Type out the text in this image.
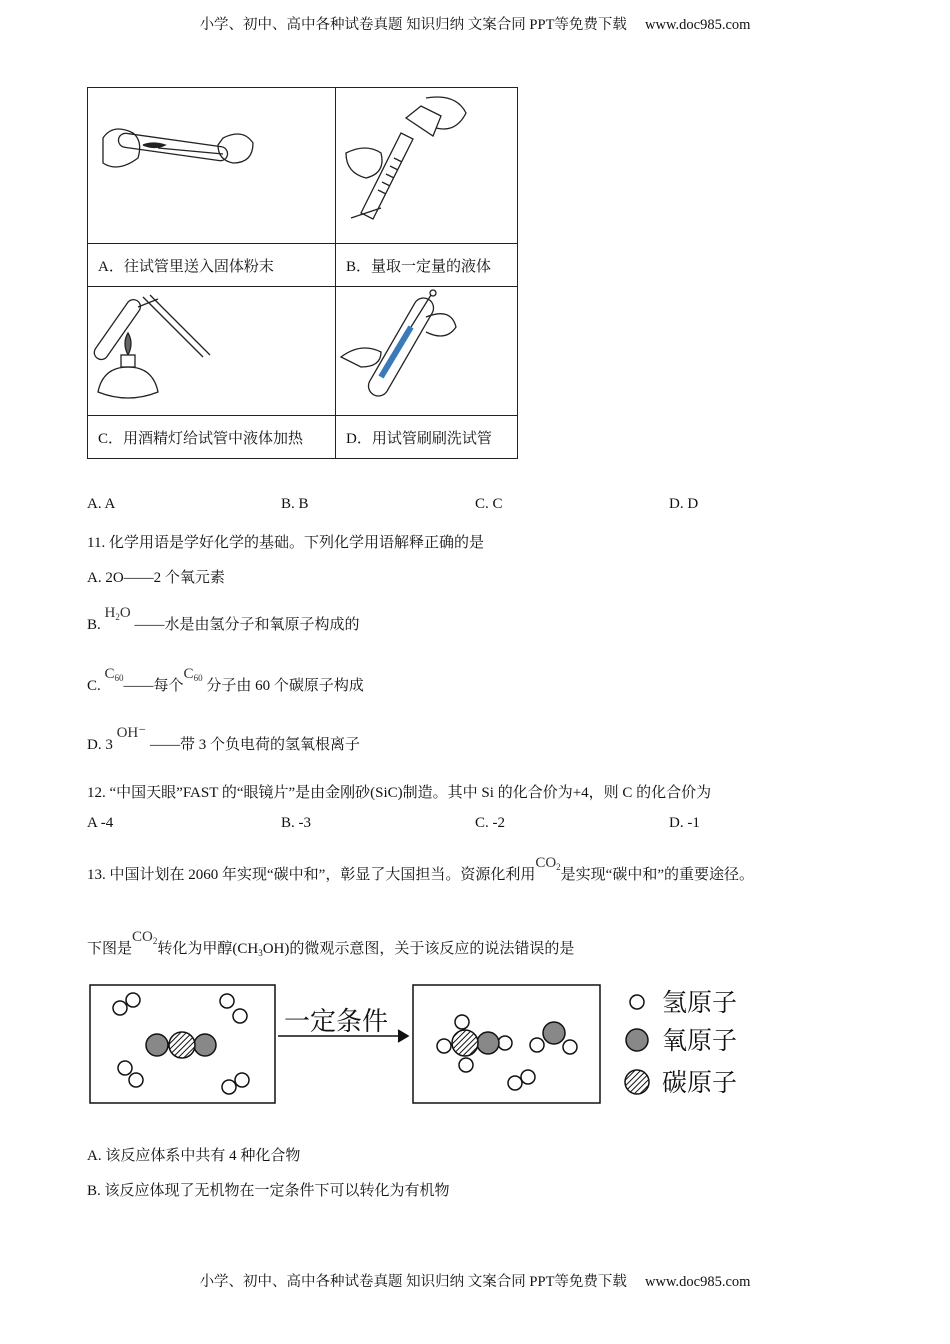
小学、初中、高中各种试卷真题 知识归纳 文案合同 PPT等免费下载 www.doc985.com

A．往试管里送入固体粉末	B．量取一定量的液体

C．用酒精灯给试管中液体加热	D．用试管刷刷洗试管
A. A	B. B	C. C	D. D
11. 化学用语是学好化学的基础。下列化学用语解释正确的是
A. 2O——2 个氧元素
B. $H_2O$ ——水是由氢分子和氧原子构成的
C. $C_{60}——$每个$C_{60}$ 分子由 60 个碳原子构成
D. 3 OH⁻ ——带 3 个负电荷的氢氧根离子
12. “中国天眼”FAST 的“眼镜片”是由金刚砂(SiC)制造。其中 Si 的化合价为+4，则 C 的化合价为
A -4	B. -3	C. -2	D. -1
13. 中国计划在 2060 年实现“碳中和”，彰显了大国担当。资源化利用$CO_2$是实现“碳中和”的重要途径。
下图是$CO_2$转化为甲醇$(CH_3OH)$的微观示意图，关于该反应的说法错误的是
一定条件
氢原子
氧原子
碳原子
A. 该反应体系中共有 4 种化合物
B. 该反应体现了无机物在一定条件下可以转化为有机物
小学、初中、高中各种试卷真题 知识归纳 文案合同 PPT等免费下载 www.doc985.com
